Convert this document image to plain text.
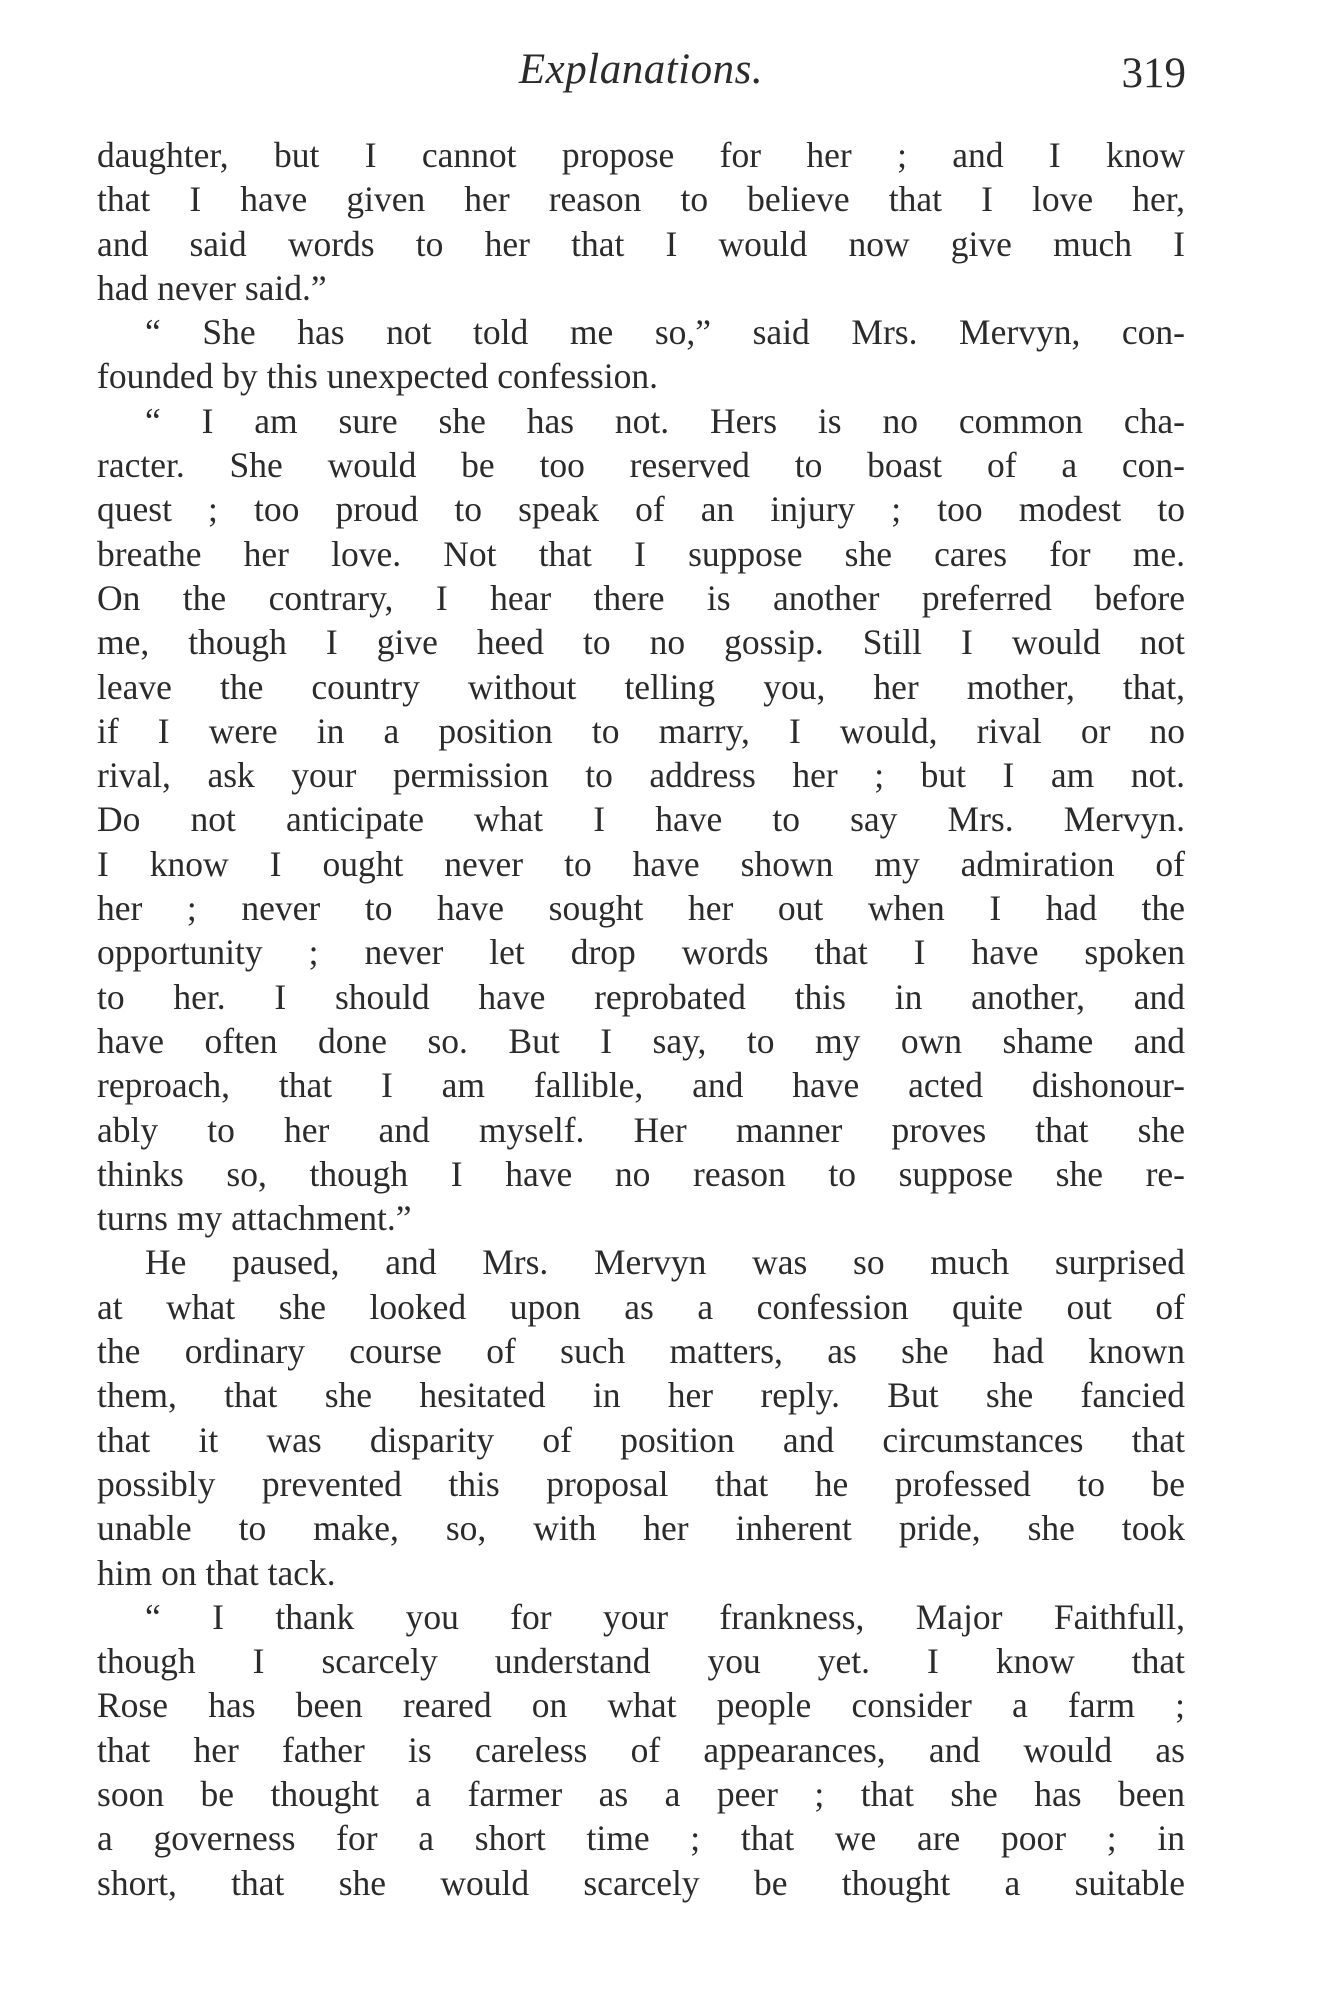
Explanations.	319
daughter, but I cannot propose for her ; and I know
that I have given her reason to believe that I love her,
and said words to her that I would now give much I
had never said.”
“ She has not told me so,” said Mrs. Mervyn, con-
founded by this unexpected confession.
“ I am sure she has not. Hers is no common cha-
racter. She would be too reserved to boast of a con-
quest ; too proud to speak of an injury ; too modest to
breathe her love. Not that I suppose she cares for me.
On the contrary, I hear there is another preferred before
me, though I give heed to no gossip. Still I would not
leave the country without telling you, her mother, that,
if I were in a position to marry, I would, rival or no
rival, ask your permission to address her ; but I am not.
Do not anticipate what I have to say Mrs. Mervyn.
I know I ought never to have shown my admiration of
her ; never to have sought her out when I had the
opportunity ; never let drop words that I have spoken
to her. I should have reprobated this in another, and
have often done so. But I say, to my own shame and
reproach, that I am fallible, and have acted dishonour-
ably to her and myself. Her manner proves that she
thinks so, though I have no reason to suppose she re-
turns my attachment.”
He paused, and Mrs. Mervyn was so much surprised
at what she looked upon as a confession quite out of
the ordinary course of such matters, as she had known
them, that she hesitated in her reply. But she fancied
that it was disparity of position and circumstances that
possibly prevented this proposal that he professed to be
unable to make, so, with her inherent pride, she took
him on that tack.
“ I thank you for your frankness, Major Faithfull,
though I scarcely understand you yet. I know that
Rose has been reared on what people consider a farm ;
that her father is careless of appearances, and would as
soon be thought a farmer as a peer ; that she has been
a governess for a short time ; that we are poor ; in
short, that she would scarcely be thought a suitable
